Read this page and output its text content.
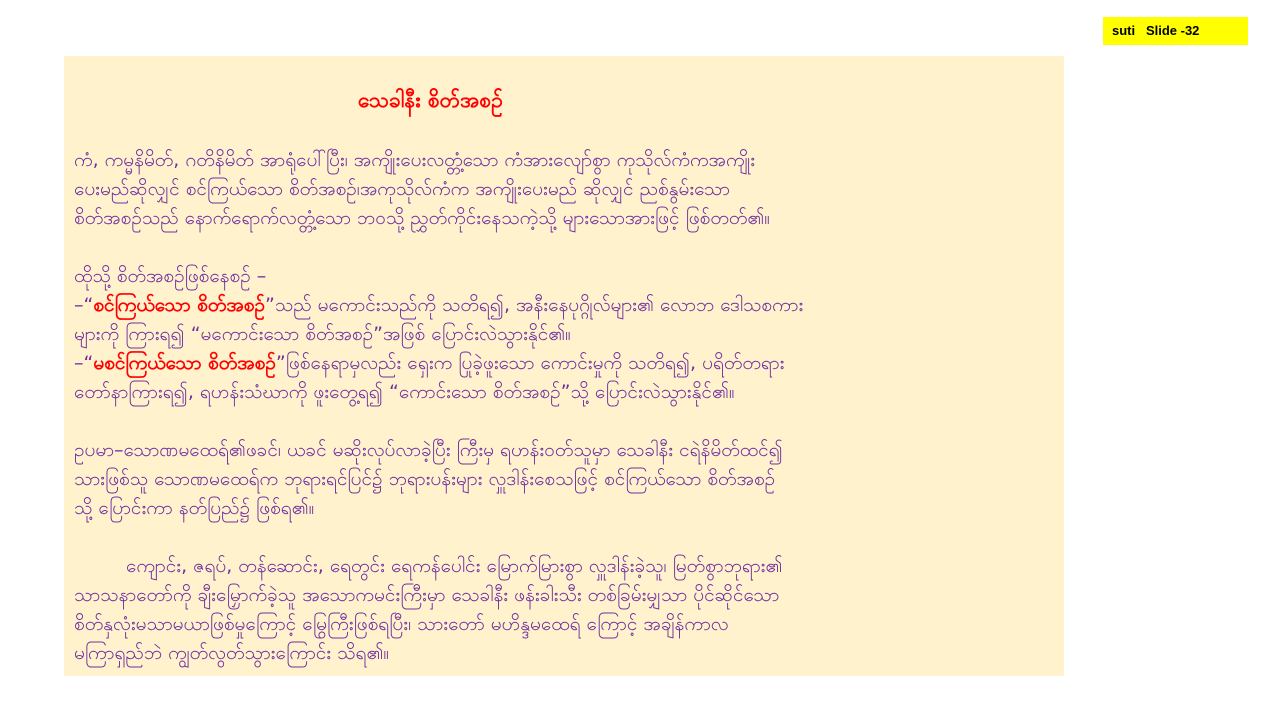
suti   Slide -32
သေခါနီး စိတ်အစဉ်
ကံ, ကမ္မနိမိတ်, ဂတိနိမိတ် အာရုံပေါ်ပြီး၊ အကျိုးပေးလတ္တံ့သော ကံအားလျော်စွာ ကုသိုလ်ကံကအကျိုး
ပေးမည်ဆိုလျှင် စင်ကြယ်သော စိတ်အစဉ်၊အကုသိုလ်ကံက အကျိုးပေးမည် ဆိုလျှင် ညစ်နွမ်းသော
စိတ်အစဉ်သည် နောက်ရောက်လတ္တံ့သော ဘဝသို့ ညွှတ်ကိုင်းနေသကဲ့သို့ များသောအားဖြင့် ဖြစ်တတ်၏။
ထိုသို့ စိတ်အစဉ်ဖြစ်နေစဉ် –
–“စင်ကြယ်သော စိတ်အစဉ်”သည် မကောင်းသည်ကို သတိရ၍, အနီးနေပုဂ္ဂိုလ်များ၏ လောဘ ဒေါသစကား
များကို ကြားရ၍ “မကောင်းသော စိတ်အစဉ်”အဖြစ် ပြောင်းလဲသွားနိုင်၏။
–“မစင်ကြယ်သော စိတ်အစဉ်”ဖြစ်နေရာမှလည်း ရှေးက ပြုခဲ့ဖူးသော ကောင်းမှုကို သတိရ၍, ပရိတ်တရား
တော်နာကြားရ၍, ရဟန်းသံဃာကို ဖူးတွေ့ရ၍ “ကောင်းသော စိတ်အစဉ်”သို့ ပြောင်းလဲသွားနိုင်၏။
ဥပမာ–သောဏမထေရ်၏ဖခင်၊ ယခင် မဆိုးလုပ်လာခဲ့ပြီး ကြီးမှ ရဟန်းဝတ်သူမှာ သေခါနီး ငရဲနိမိတ်ထင်၍
သားဖြစ်သူ သောဏမထေရ်က ဘုရားရင်ပြင်၌ ဘုရားပန်းများ လှူဒါန်းစေသဖြင့် စင်ကြယ်သော စိတ်အစဉ်
သို့ ပြောင်းကာ နတ်ပြည်၌ ဖြစ်ရ၏။
ကျောင်း, ဇရပ်, တန်ဆောင်း, ရေတွင်း ရေကန်ပေါင်း မြောက်မြားစွာ လှူဒါန်းခဲ့သူ၊ မြတ်စွာဘုရား၏
သာသနာတော်ကို ချီးမြှောက်ခဲ့သူ အသောကမင်းကြီးမှာ သေခါနီး ဖန်းခါးသီး တစ်ခြမ်းမျှသာ ပိုင်ဆိုင်သော
စိတ်နှလုံးမသာမယာဖြစ်မှုကြောင့် မြွေကြီးဖြစ်ရပြီး၊ သားတော် မဟိန္ဒမထေရ် ကြောင့် အချိန်ကာလ
မကြာရှည်ဘဲ ကျွတ်လွတ်သွားကြောင်း သိရ၏။
